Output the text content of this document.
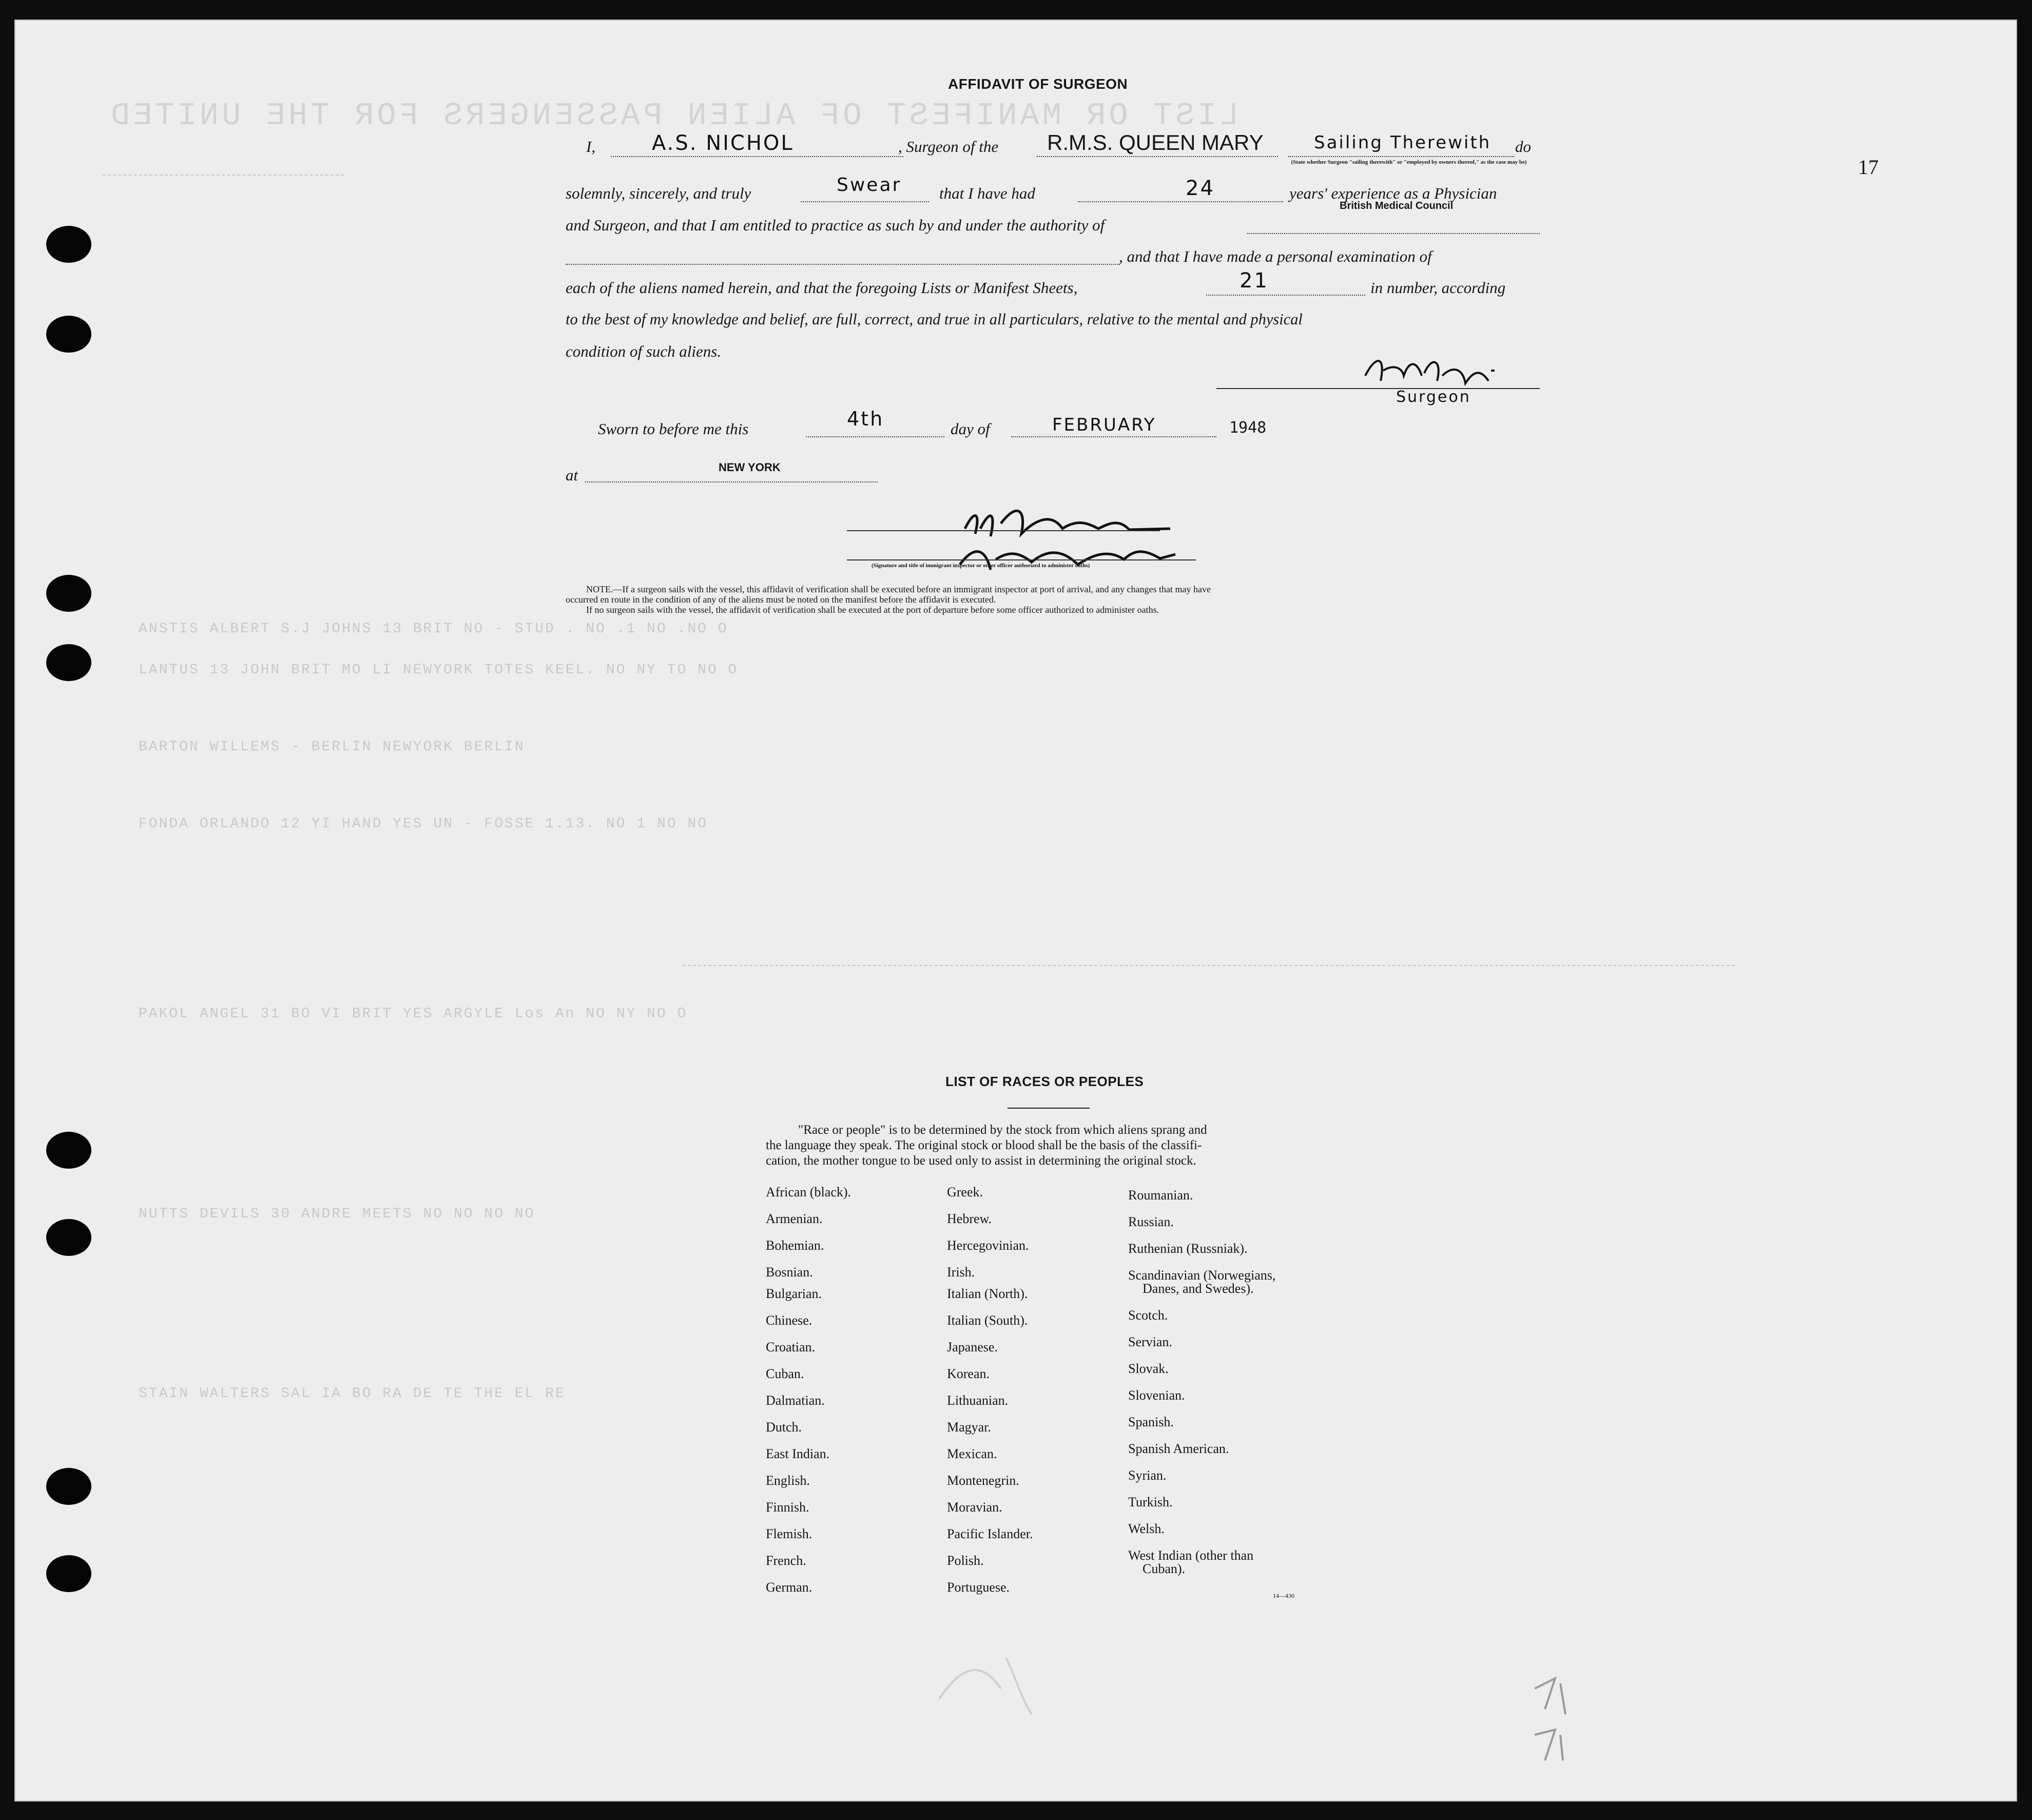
LIST OR MANIFEST OF ALIEN PASSENGERS FOR THE UNITED
ANSTIS ALBERT S.J JOHNS 13 BRIT NO - STUD . NO .1 NO .NO O
LANTUS 13 JOHN BRIT MO LI NEWYORK TOTES KEEL. NO NY TO NO O
BARTON WILLEMS - BERLIN NEWYORK BERLIN
FONDA ORLANDO 12 YI HAND YES UN - FOSSE 1.13. NO 1 NO NO
PAKOL ANGEL 31 BO VI BRIT YES ARGYLE Los An NO NY NO O
NUTTS DEVILS 30 ANDRE MEETS NO NO NO NO
STAIN WALTERS SAL IA BO RA DE TE THE EL RE
17
AFFIDAVIT OF SURGEON
I,	A.S. NICHOL	, Surgeon of the R.M.S. QUEEN MARY	Sailing Therewith do
(State whether Surgeon "sailing therewith" or "employed by owners thereof," as the case may be)
solemnly, sincerely, and truly	Swear that I have had	24	years' experience as a Physician
and Surgeon, and that I am entitled to practice as such by and under the authority of
British Medical Council
, and that I have made a personal examination of
each of the aliens named herein, and that the foregoing Lists or Manifest Sheets,	21	in number, according
to the best of my knowledge and belief, are full, correct, and true in all particulars, relative to the mental and physical
condition of such aliens.
Surgeon
Sworn to before me this	4th	day of	FEBRUARY	1948
at	NEW YORK
(Signature and title of immigrant inspector or other officer authorized to administer oaths)
NOTE.—If a surgeon sails with the vessel, this affidavit of verification shall be executed before an immigrant inspector at port of arrival, and any changes that may have
occurred en route in the condition of any of the aliens must be noted on the manifest before the affidavit is executed.
If no surgeon sails with the vessel, the affidavit of verification shall be executed at the port of departure before some officer authorized to administer oaths.
LIST OF RACES OR PEOPLES
"Race or people" is to be determined by the stock from which aliens sprang and
the language they speak. The original stock or blood shall be the basis of the classifi-
cation, the mother tongue to be used only to assist in determining the original stock.
African (black).
Armenian.
Bohemian.
Bosnian.
Bulgarian.
Chinese.
Croatian.
Cuban.
Dalmatian.
Dutch.
East Indian.
English.
Finnish.
Flemish.
French.
German.
Greek.
Hebrew.
Hercegovinian.
Irish.
Italian (North).
Italian (South).
Japanese.
Korean.
Lithuanian.
Magyar.
Mexican.
Montenegrin.
Moravian.
Pacific Islander.
Polish.
Portuguese.
Roumanian.
Russian.
Ruthenian (Russniak).
Scandinavian (Norwegians,
Danes, and Swedes).
Scotch.
Servian.
Slovak.
Slovenian.
Spanish.
Spanish American.
Syrian.
Turkish.
Welsh.
West Indian (other than
Cuban).
14—430
